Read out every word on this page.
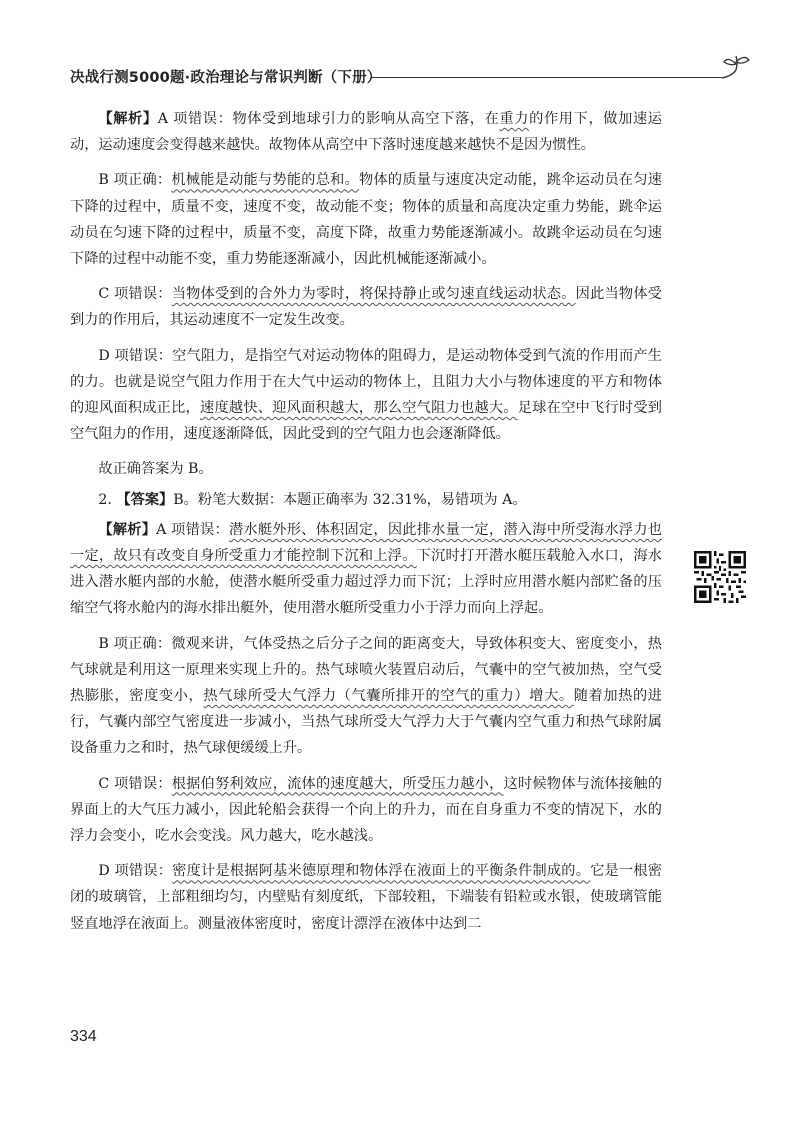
决战行测5000题·政治理论与常识判断（下册）

【解析】A 项错误：物体受到地球引力的影响从高空下落，在重力的作用下，做加速运动，运动速度会变得越来越快。故物体从高空中下落时速度越来越快不是因为惯性。

B 项正确：机械能是动能与势能的总和。物体的质量与速度决定动能，跳伞运动员在匀速下降的过程中，质量不变，速度不变，故动能不变；物体的质量和高度决定重力势能，跳伞运动员在匀速下降的过程中，质量不变，高度下降，故重力势能逐渐减小。故跳伞运动员在匀速下降的过程中动能不变，重力势能逐渐减小，因此机械能逐渐减小。

C 项错误：当物体受到的合外力为零时，将保持静止或匀速直线运动状态。因此当物体受到力的作用后，其运动速度不一定发生改变。

D 项错误：空气阻力，是指空气对运动物体的阻碍力，是运动物体受到气流的作用而产生的力。也就是说空气阻力作用于在大气中运动的物体上，且阻力大小与物体速度的平方和物体的迎风面积成正比，速度越快、迎风面积越大，那么空气阻力也越大。足球在空中飞行时受到空气阻力的作用，速度逐渐降低，因此受到的空气阻力也会逐渐降低。

故正确答案为 B。

2. 【答案】B。粉笔大数据：本题正确率为 32.31%，易错项为 A。

【解析】A 项错误：潜水艇外形、体积固定，因此排水量一定，潜入海中所受海水浮力也一定，故只有改变自身所受重力才能控制下沉和上浮。下沉时打开潜水艇压载舱入水口，海水进入潜水艇内部的水舱，使潜水艇所受重力超过浮力而下沉；上浮时应用潜水艇内部贮备的压缩空气将水舱内的海水排出艇外，使用潜水艇所受重力小于浮力而向上浮起。

B 项正确：微观来讲，气体受热之后分子之间的距离变大，导致体积变大、密度变小，热气球就是利用这一原理来实现上升的。热气球喷火装置启动后，气囊中的空气被加热，空气受热膨胀，密度变小，热气球所受大气浮力（气囊所排开的空气的重力）增大。随着加热的进行，气囊内部空气密度进一步减小，当热气球所受大气浮力大于气囊内空气重力和热气球附属设备重力之和时，热气球便缓缓上升。

C 项错误：根据伯努利效应，流体的速度越大，所受压力越小，这时候物体与流体接触的界面上的大气压力减小，因此轮船会获得一个向上的升力，而在自身重力不变的情况下，水的浮力会变小，吃水会变浅。风力越大，吃水越浅。

D 项错误：密度计是根据阿基米德原理和物体浮在液面上的平衡条件制成的。它是一根密闭的玻璃管，上部粗细均匀，内壁贴有刻度纸，下部较粗，下端装有铅粒或水银，使玻璃管能竖直地浮在液面上。测量液体密度时，密度计漂浮在液体中达到二

334
